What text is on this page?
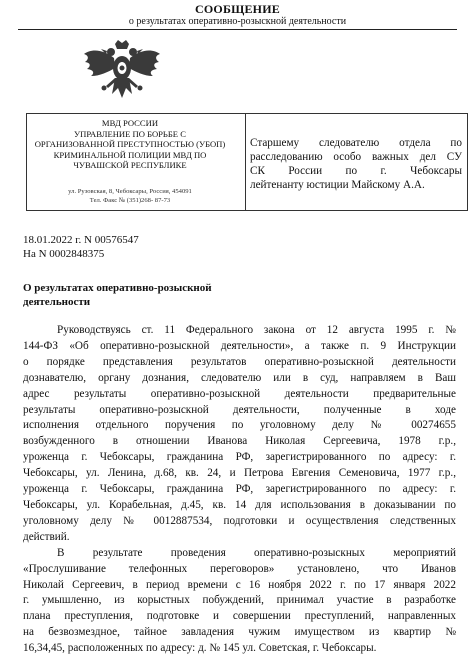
СООБЩЕНИЕ
о результатах оперативно-розыскной деятельности
МВД РОССИИ
УПРАВЛЕНИЕ ПО БОРЬБЕ С
ОРГАНИЗОВАННОЙ ПРЕСТУПНОСТЬЮ (УБОП)
КРИМИНАЛЬНОЙ ПОЛИЦИИ МВД ПО
ЧУВАШСКОЙ РЕСПУБЛИКЕ
ул. Рузовская, 8, Чебоксары, Россия, 454091
Тел. Факс № (351)268- 87-73
Старшему следователю отдела по
расследованию особо важных дел СУ
СК России по г. Чебоксары
лейтенанту юстиции Майскому А.А.
18.01.2022 г. N 00576547
На N 0002848375
О результатах оперативно-розыскной
деятельности
Руководствуясь ст. 11 Федерального закона от 12 августа 1995 г. №
144-ФЗ «Об оперативно-розыскной деятельности», а также п. 9 Инструкции
о порядке представления результатов оперативно-розыскной деятельности
дознавателю, органу дознания, следователю или в суд, направляем в Ваш
адрес результаты оперативно-розыскной деятельности предварительные
результаты оперативно-розыскной деятельности, полученные в ходе
исполнения отдельного поручения по уголовному делу № 00274655
возбужденного в отношении Иванова Николая Сергеевича, 1978 г.р.,
уроженца г. Чебоксары, гражданина РФ, зарегистрированного по адресу: г.
Чебоксары, ул. Ленина, д.68, кв. 24, и Петрова Евгения Семеновича, 1977 г.р.,
уроженца г. Чебоксары, гражданина РФ, зарегистрированного по адресу: г.
Чебоксары, ул. Корабельная, д.45, кв. 14 для использования в доказывании по
уголовному делу № 0012887534, подготовки и осуществления следственных
действий.
В результате проведения оперативно-розыскных мероприятий
«Прослушивание телефонных переговоров» установлено, что Иванов
Николай Сергеевич, в период времени с 16 ноября 2022 г. по 17 января 2022
г. умышленно, из корыстных побуждений, принимал участие в разработке
плана преступления, подготовке и совершении преступлений, направленных
на безвозмездное, тайное завладения чужим имуществом из квартир №
16,34,45, расположенных по адресу: д. № 145 ул. Советская, г. Чебоксары.
